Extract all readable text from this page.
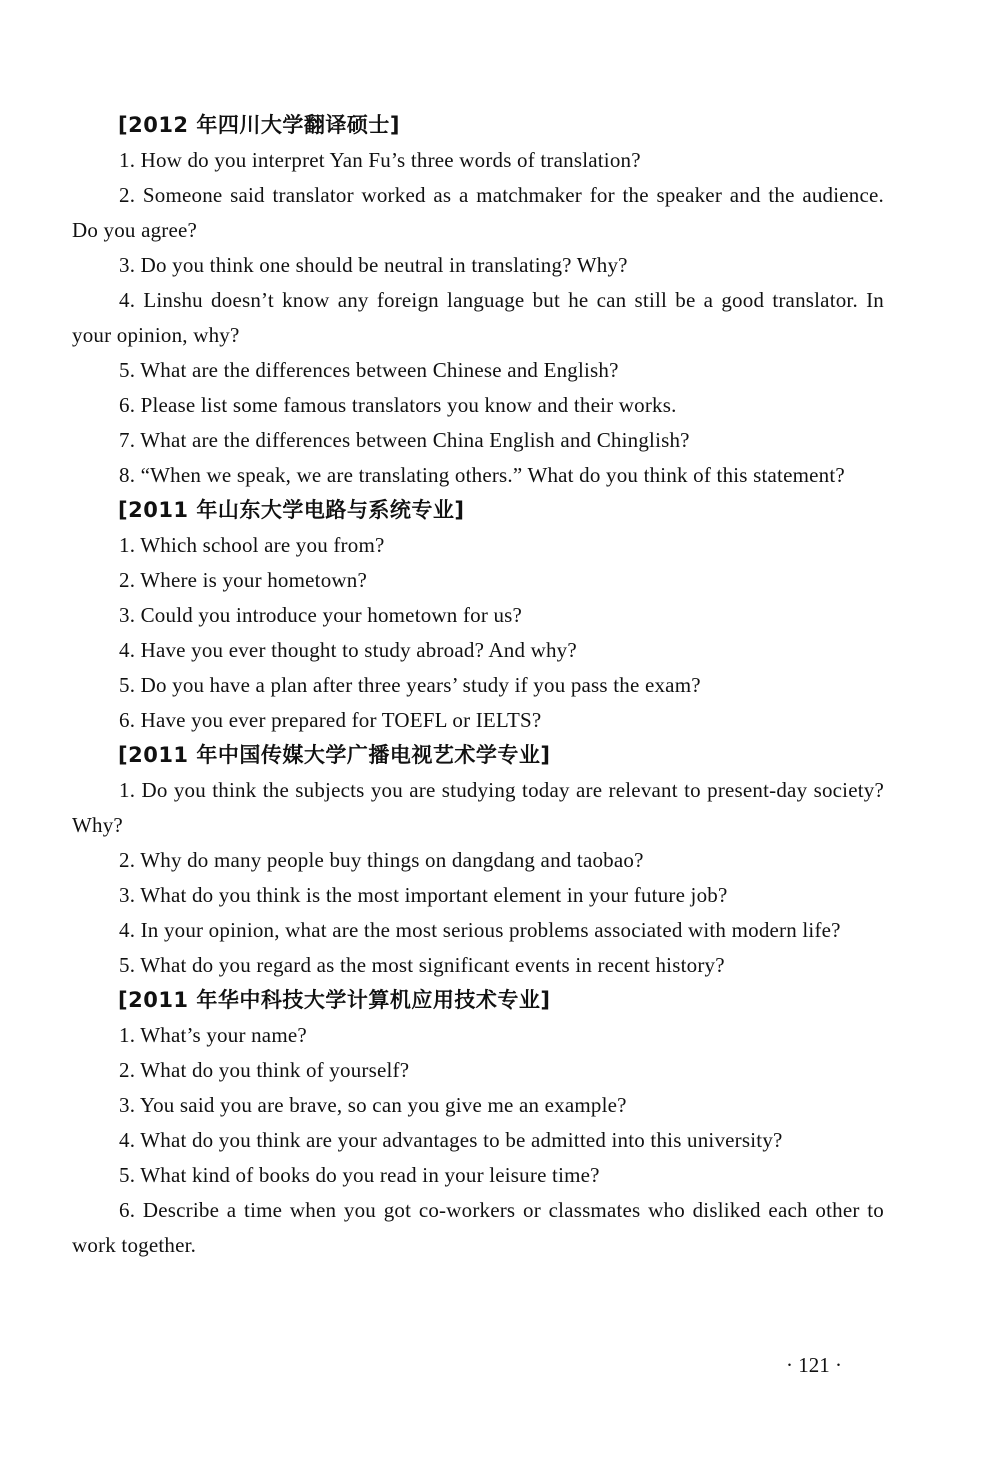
[2012 年四川大学翻译硕士]

1. How do you interpret Yan Fu’s three words of translation?

2. Someone said translator worked as a matchmaker for the speaker and the audience. Do you agree?

3. Do you think one should be neutral in translating? Why?

4. Linshu doesn’t know any foreign language but he can still be a good translator. In your opinion, why?

5. What are the differences between Chinese and English?

6. Please list some famous translators you know and their works.

7. What are the differences between China English and Chinglish?

8. “When we speak, we are translating others.” What do you think of this statement?

[2011 年山东大学电路与系统专业]

1. Which school are you from?

2. Where is your hometown?

3. Could you introduce your hometown for us?

4. Have you ever thought to study abroad? And why?

5. Do you have a plan after three years’ study if you pass the exam?

6. Have you ever prepared for TOEFL or IELTS?

[2011 年中国传媒大学广播电视艺术学专业]

1. Do you think the subjects you are studying today are relevant to present-day society? Why?

2. Why do many people buy things on dangdang and taobao?

3. What do you think is the most important element in your future job?

4. In your opinion, what are the most serious problems associated with modern life?

5. What do you regard as the most significant events in recent history?

[2011 年华中科技大学计算机应用技术专业]

1. What’s your name?

2. What do you think of yourself?

3. You said you are brave, so can you give me an example?

4. What do you think are your advantages to be admitted into this university?

5. What kind of books do you read in your leisure time?

6. Describe a time when you got co-workers or classmates who disliked each other to work together.

· 121 ·
